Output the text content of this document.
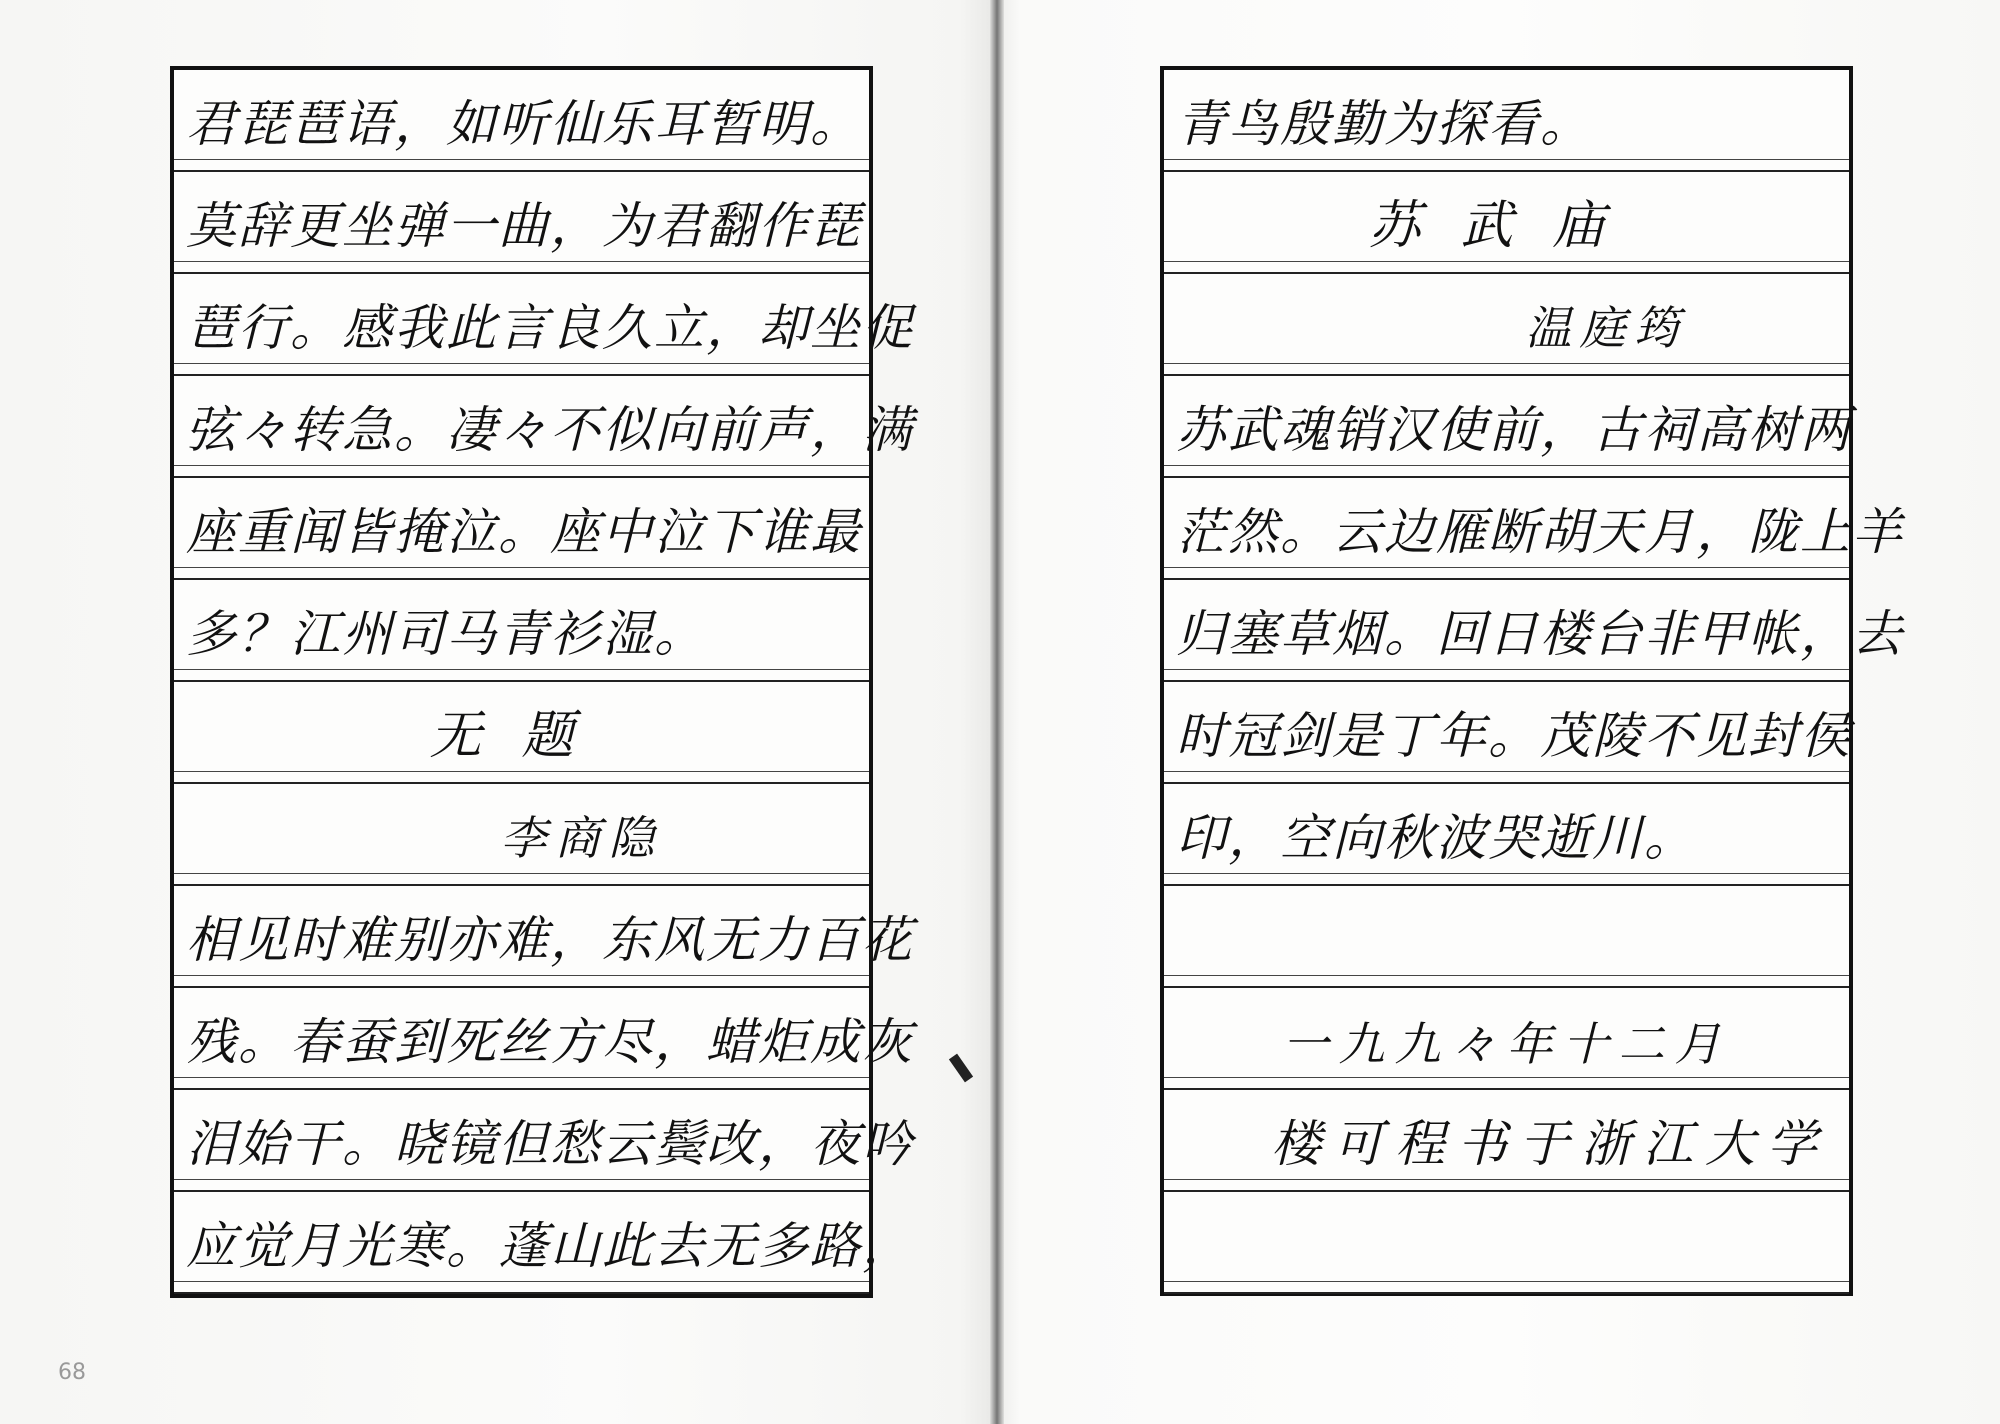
君琵琶语，如听仙乐耳暂明。
莫辞更坐弹一曲，为君翻作琵
琶行。感我此言良久立，却坐促
弦々转急。凄々不似向前声，满
座重闻皆掩泣。座中泣下谁最
多？江州司马青衫湿。
无题
李商隐
相见时难别亦难，东风无力百花
残。春蚕到死丝方尽，蜡炬成灰
泪始干。晓镜但愁云鬓改，夜吟
应觉月光寒。蓬山此去无多路，
青鸟殷勤为探看。
苏武庙
温庭筠
苏武魂销汉使前，古祠高树两
茫然。云边雁断胡天月，陇上羊
归塞草烟。回日楼台非甲帐，去
时冠剑是丁年。茂陵不见封侯
印，空向秋波哭逝川。
一九九々年十二月
楼可程书于浙江大学
68
